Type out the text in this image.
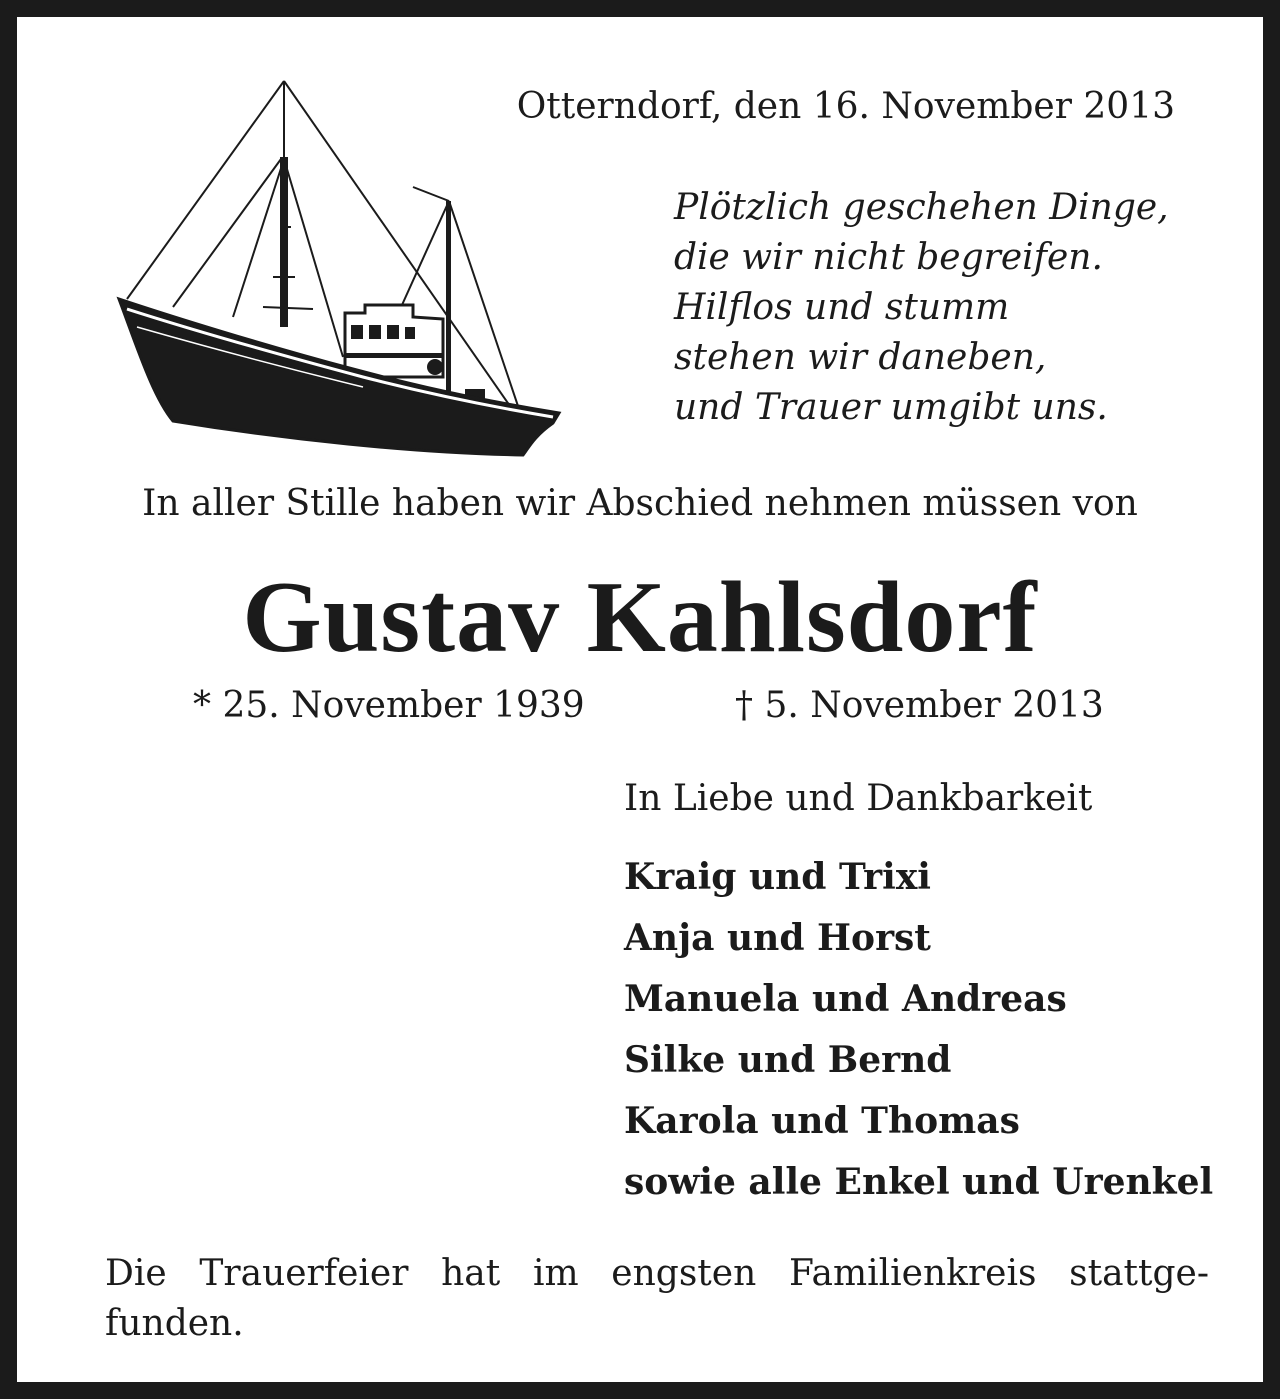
Otterndorf, den 16. November 2013
Plötzlich geschehen Dinge,
die wir nicht begreifen.
Hilflos und stumm
stehen wir daneben,
und Trauer umgibt uns.
In aller Stille haben wir Abschied nehmen müssen von
Gustav Kahlsdorf
* 25. November 1939	† 5. November 2013
In Liebe und Dankbarkeit
Kraig und Trixi
Anja und Horst
Manuela und Andreas
Silke und Bernd
Karola und Thomas
sowie alle Enkel und Urenkel
Die Trauerfeier hat im engsten Familienkreis stattge-
funden.
